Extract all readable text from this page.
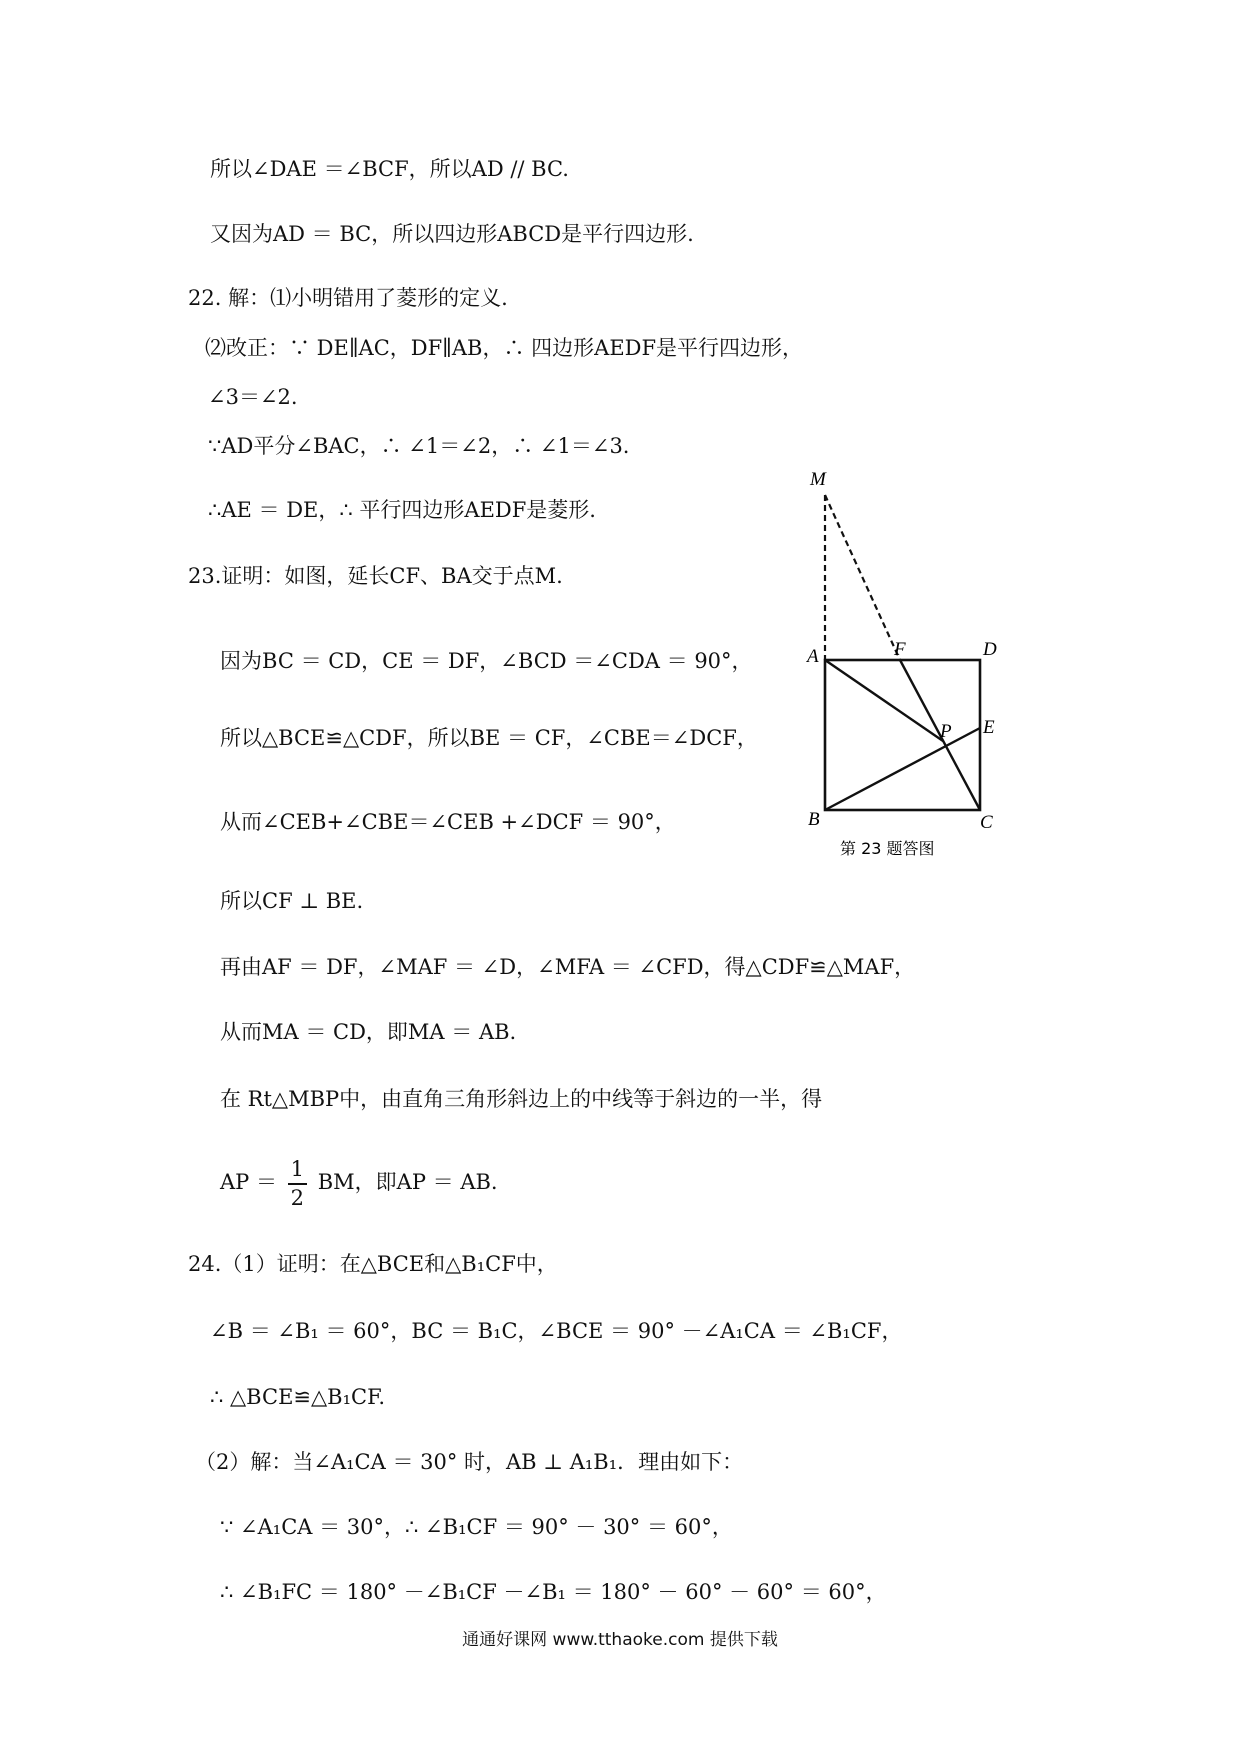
所以∠DAE ＝∠BCF，所以AD // BC.
又因为AD ＝ BC，所以四边形ABCD是平行四边形.
22. 解：⑴小明错用了菱形的定义.
⑵改正：∵ DE∥AC，DF∥AB，∴ 四边形AEDF是平行四边形，
∠3＝∠2.
∵AD平分∠BAC，∴ ∠1＝∠2，∴ ∠1＝∠3.
∴AE ＝ DE，∴ 平行四边形AEDF是菱形.
23.证明：如图，延长CF、BA交于点M.
因为BC ＝ CD，CE ＝ DF，∠BCD ＝∠CDA ＝ 90°，
所以△BCE≌△CDF，所以BE ＝ CF，∠CBE＝∠DCF，
从而∠CEB+∠CBE＝∠CEB +∠DCF ＝ 90°，
所以CF ⊥ BE.
再由AF ＝ DF，∠MAF ＝ ∠D，∠MFA ＝ ∠CFD，得△CDF≌△MAF，
从而MA ＝ CD，即MA ＝ AB.
在 Rt△MBP中，由直角三角形斜边上的中线等于斜边的一半，得
AP ＝ $\frac{1}{2}$ BM，即AP ＝ AB.
24.（1）证明：在△BCE和△B₁CF中，
∠B ＝ ∠B₁ ＝ 60°，BC ＝ B₁C，∠BCE ＝ 90° －∠A₁CA ＝ ∠B₁CF，
∴ △BCE≌△B₁CF.
（2）解：当∠A₁CA ＝ 30° 时，AB ⊥ A₁B₁．理由如下：
∵ ∠A₁CA ＝ 30°，∴ ∠B₁CF ＝ 90° － 30° ＝ 60°，
∴ ∠B₁FC ＝ 180° －∠B₁CF －∠B₁ ＝ 180° － 60° － 60° ＝ 60°，
M
A	F	D
P E
B	C
第 23 题答图
通通好课网 www.tthaoke.com 提供下载
